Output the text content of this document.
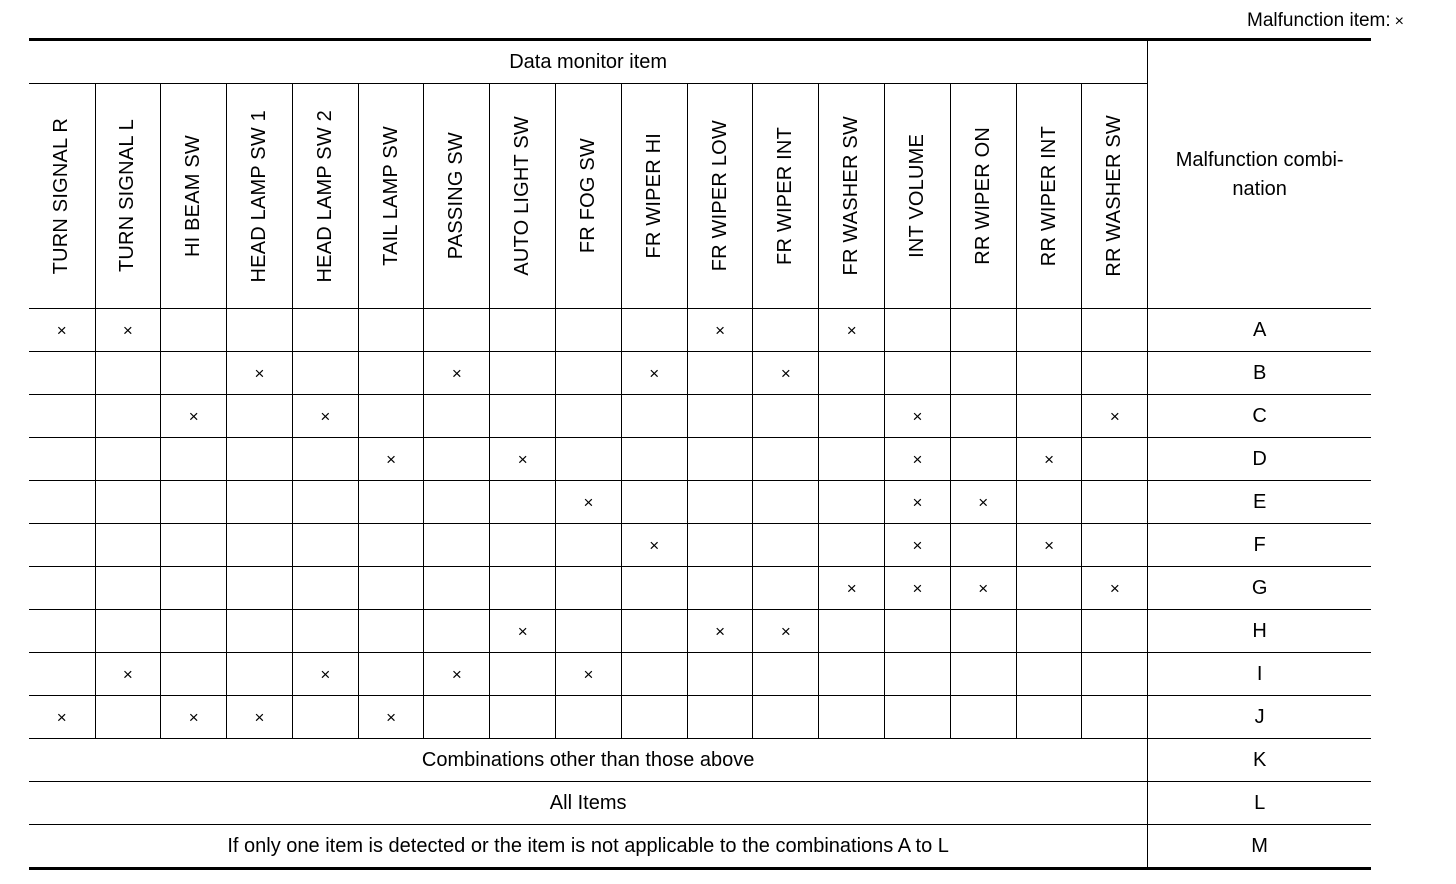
Malfunction item: ×
Data monitor item																	Malfunction combi-
nation

TURN SIGNAL R	TURN SIGNAL L	HI BEAM SW	HEAD LAMP SW 1	HEAD LAMP SW 2	TAIL LAMP SW	PASSING SW	AUTO LIGHT SW	FR FOG SW	FR WIPER HI	FR WIPER LOW	FR WIPER INT	FR WASHER SW	INT VOLUME	RR WIPER ON	RR WIPER INT	RR WASHER SW	

×	×									×		×					A
			×			×			×		×						B
		×		×									×			×	C
					×		×						×		×		D
								×					×	×			E
									×				×		×		F
												×	×	×		×	G
							×			×	×						H
	×			×		×		×									I
×		×	×		×												J
Combinations other than those above																	K
All Items																	L
If only one item is detected or the item is not applicable to the combinations A to L																	M
